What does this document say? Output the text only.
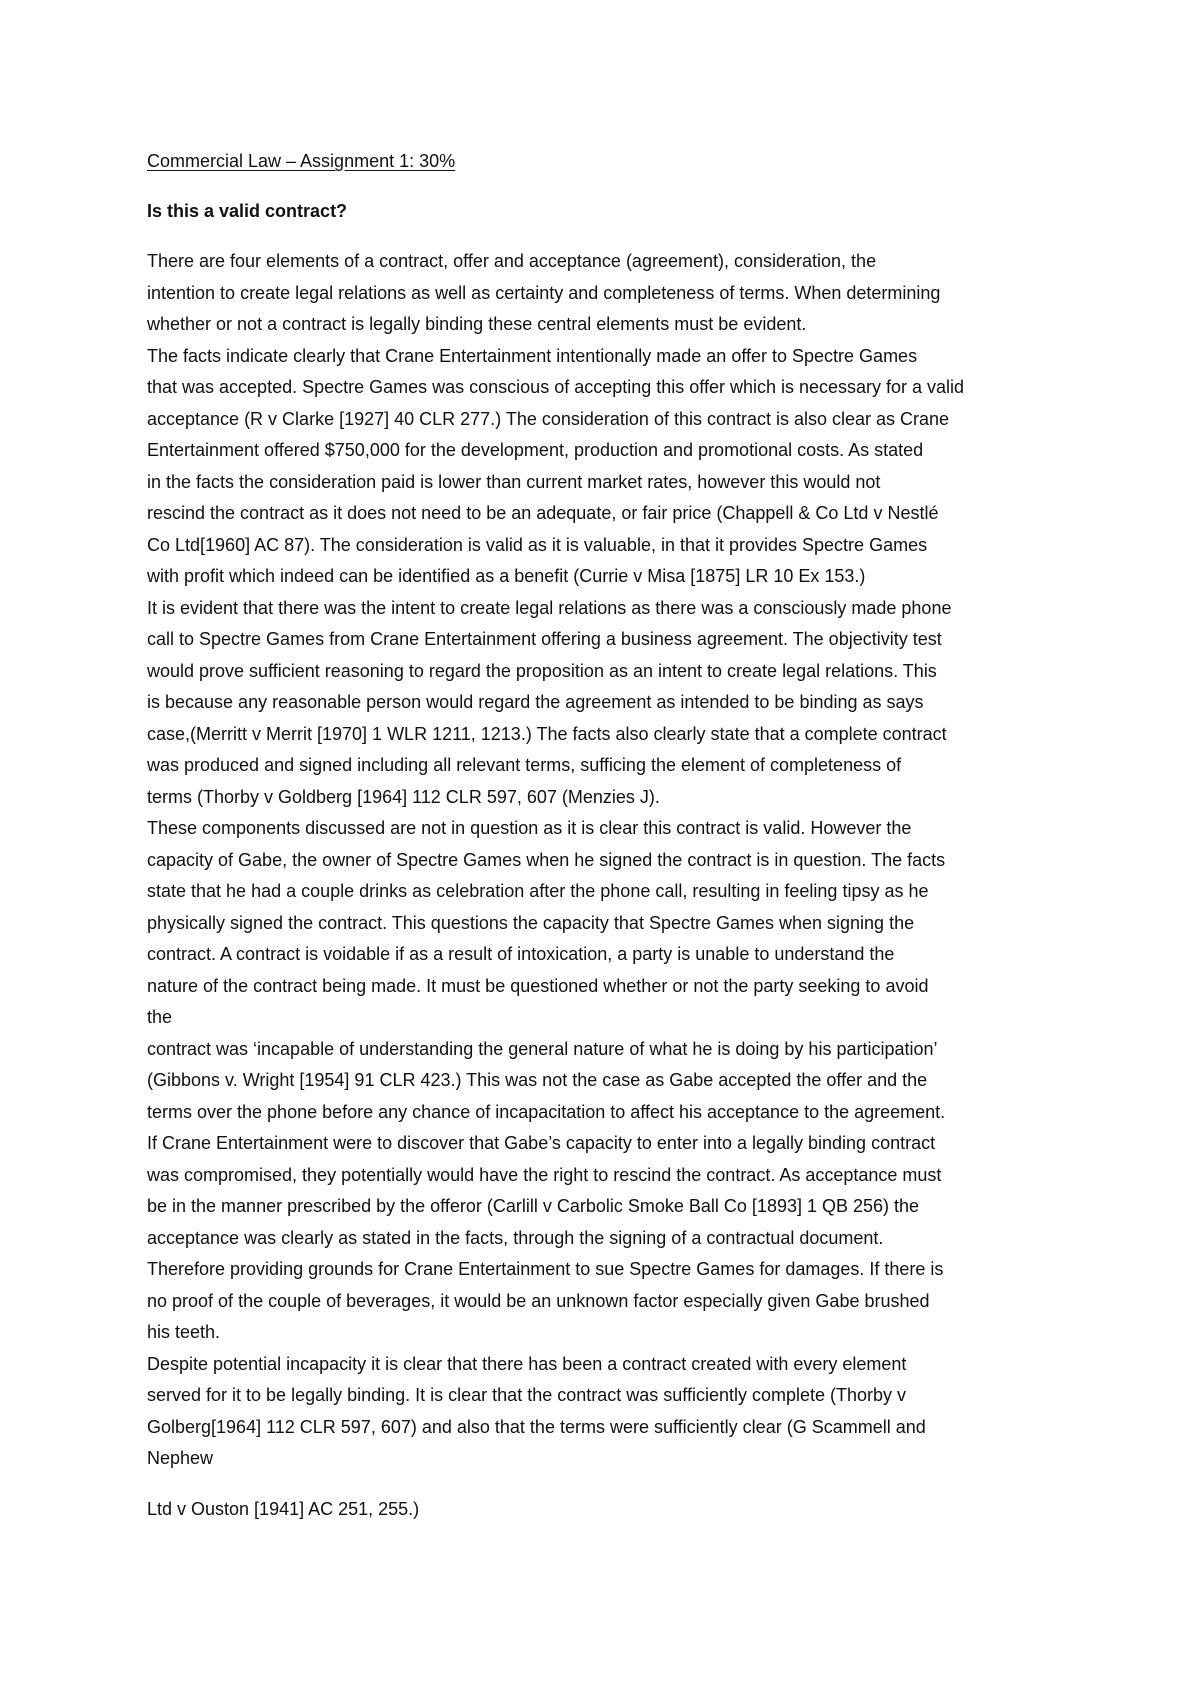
Commercial Law – Assignment 1: 30%
Is this a valid contract?
There are four elements of a contract, offer and acceptance (agreement), consideration, the
intention to create legal relations as well as certainty and completeness of terms. When determining
whether or not a contract is legally binding these central elements must be evident.
The facts indicate clearly that Crane Entertainment intentionally made an offer to Spectre Games
that was accepted. Spectre Games was conscious of accepting this offer which is necessary for a valid
acceptance (R v Clarke [1927] 40 CLR 277.) The consideration of this contract is also clear as Crane
Entertainment offered $750,000 for the development, production and promotional costs. As stated
in the facts the consideration paid is lower than current market rates, however this would not
rescind the contract as it does not need to be an adequate, or fair price (Chappell & Co Ltd v Nestlé
Co Ltd[1960] AC 87). The consideration is valid as it is valuable, in that it provides Spectre Games
with profit which indeed can be identified as a benefit (Currie v Misa [1875] LR 10 Ex 153.)
It is evident that there was the intent to create legal relations as there was a consciously made phone
call to Spectre Games from Crane Entertainment offering a business agreement. The objectivity test
would prove sufficient reasoning to regard the proposition as an intent to create legal relations. This
is because any reasonable person would regard the agreement as intended to be binding as says
case,(Merritt v Merrit [1970] 1 WLR 1211, 1213.) The facts also clearly state that a complete contract
was produced and signed including all relevant terms, sufficing the element of completeness of
terms (Thorby v Goldberg [1964] 112 CLR 597, 607 (Menzies J).
These components discussed are not in question as it is clear this contract is valid. However the
capacity of Gabe, the owner of Spectre Games when he signed the contract is in question. The facts
state that he had a couple drinks as celebration after the phone call, resulting in feeling tipsy as he
physically signed the contract. This questions the capacity that Spectre Games when signing the
contract. A contract is voidable if as a result of intoxication, a party is unable to understand the
nature of the contract being made. It must be questioned whether or not the party seeking to avoid
the
contract was ‘incapable of understanding the general nature of what he is doing by his participation’
(Gibbons v. Wright [1954] 91 CLR 423.) This was not the case as Gabe accepted the offer and the
terms over the phone before any chance of incapacitation to affect his acceptance to the agreement.
If Crane Entertainment were to discover that Gabe’s capacity to enter into a legally binding contract
was compromised, they potentially would have the right to rescind the contract. As acceptance must
be in the manner prescribed by the offeror (Carlill v Carbolic Smoke Ball Co [1893] 1 QB 256) the
acceptance was clearly as stated in the facts, through the signing of a contractual document.
Therefore providing grounds for Crane Entertainment to sue Spectre Games for damages. If there is
no proof of the couple of beverages, it would be an unknown factor especially given Gabe brushed
his teeth.
Despite potential incapacity it is clear that there has been a contract created with every element
served for it to be legally binding. It is clear that the contract was sufficiently complete (Thorby v
Golberg[1964] 112 CLR 597, 607) and also that the terms were sufficiently clear (G Scammell and
Nephew
Ltd v Ouston [1941] AC 251, 255.)
